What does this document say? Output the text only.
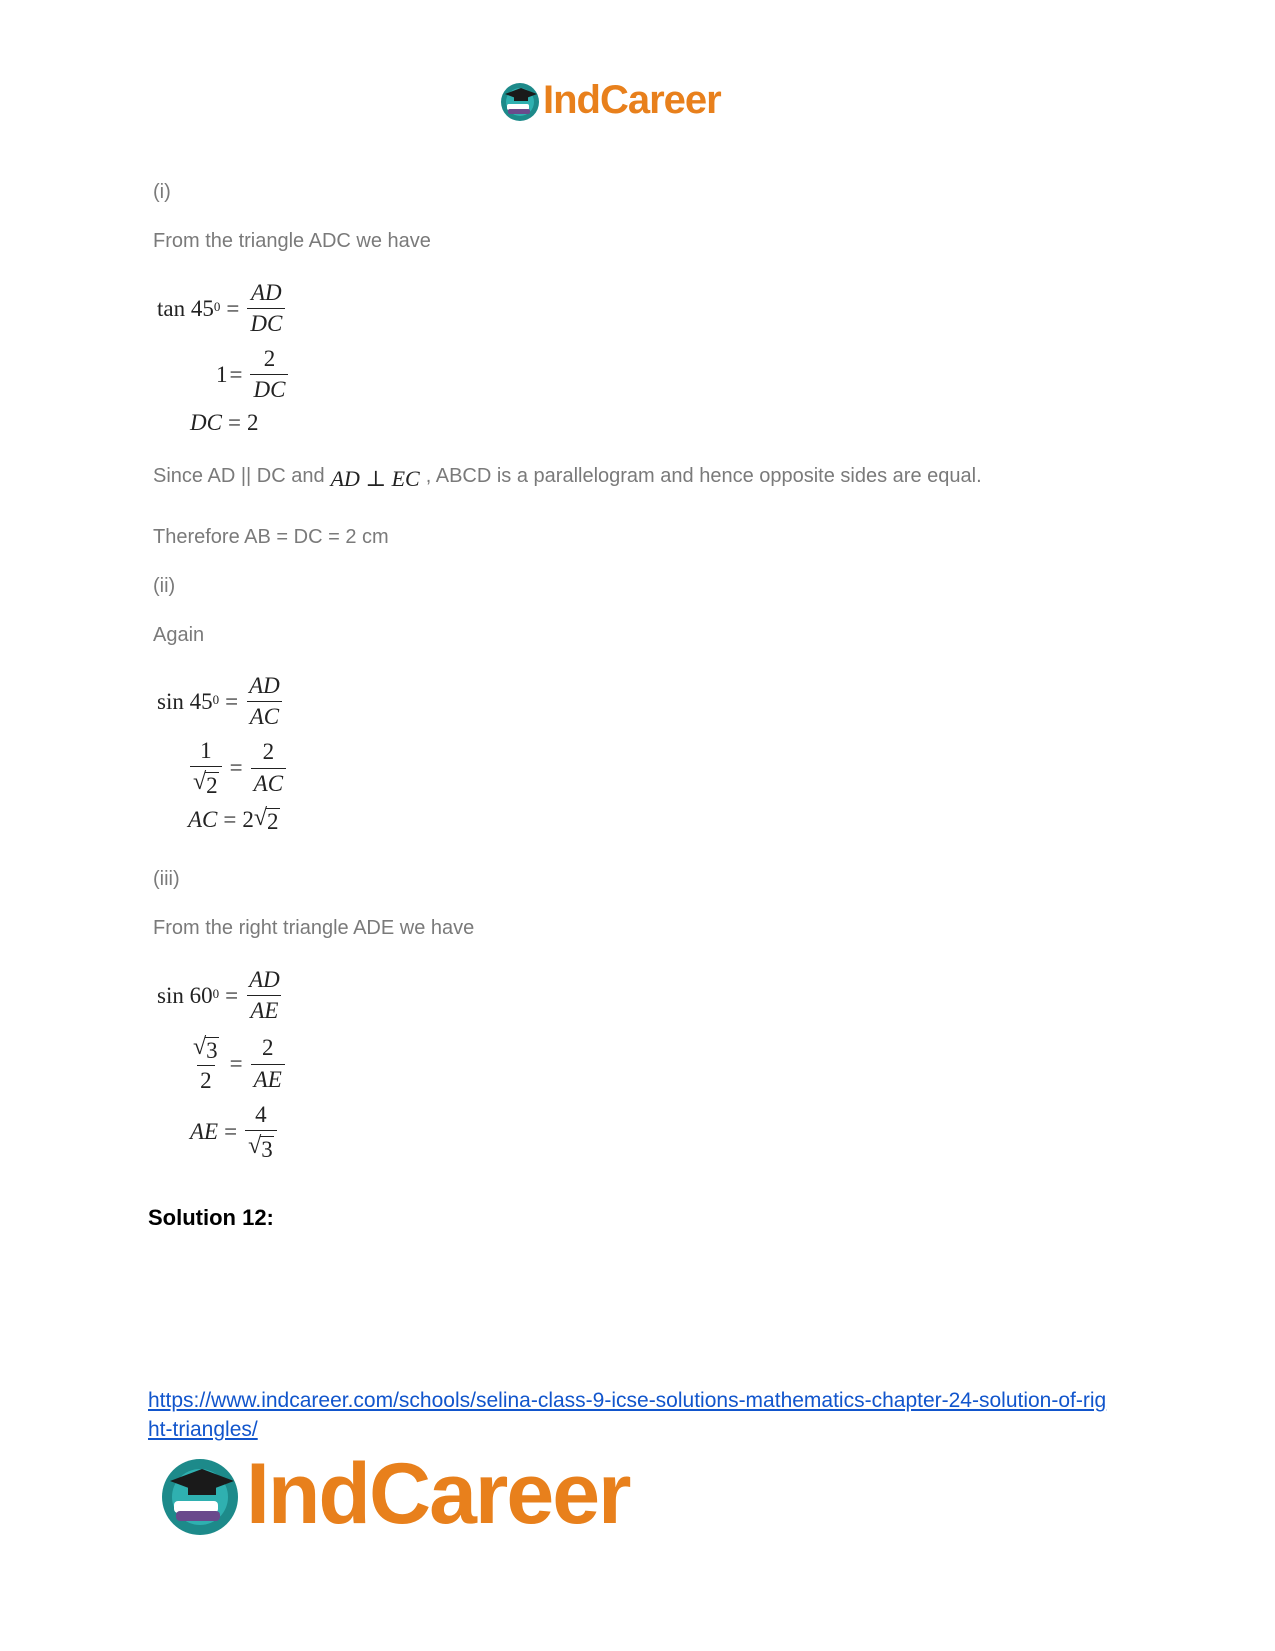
IndCareer
(i)
From the triangle ADC we have
$\tan 45^0 = \frac{AD}{DC}$
$1 = \frac{2}{DC}$
DC = 2
Since AD || DC and AD ⊥ EC , ABCD is a parallelogram and hence opposite sides are equal.
Therefore AB = DC = 2 cm
(ii)
Again
$\sin 45^0 = \frac{AD}{AC}$
$\frac{1}{√ 2} = \frac{2}{AC}$
AC = 2 √ 2
(iii)
From the right triangle ADE we have
$\sin 60^0 = \frac{AD}{AE}$
$\frac{√ 3}{2} = \frac{2}{AE}$
AE = $\frac{4}{√ 3}$
Solution 12:
https://www.indcareer.com/schools/selina-class-9-icse-solutions-mathematics-chapter-24-solution-of-right-triangles/
IndCareer
